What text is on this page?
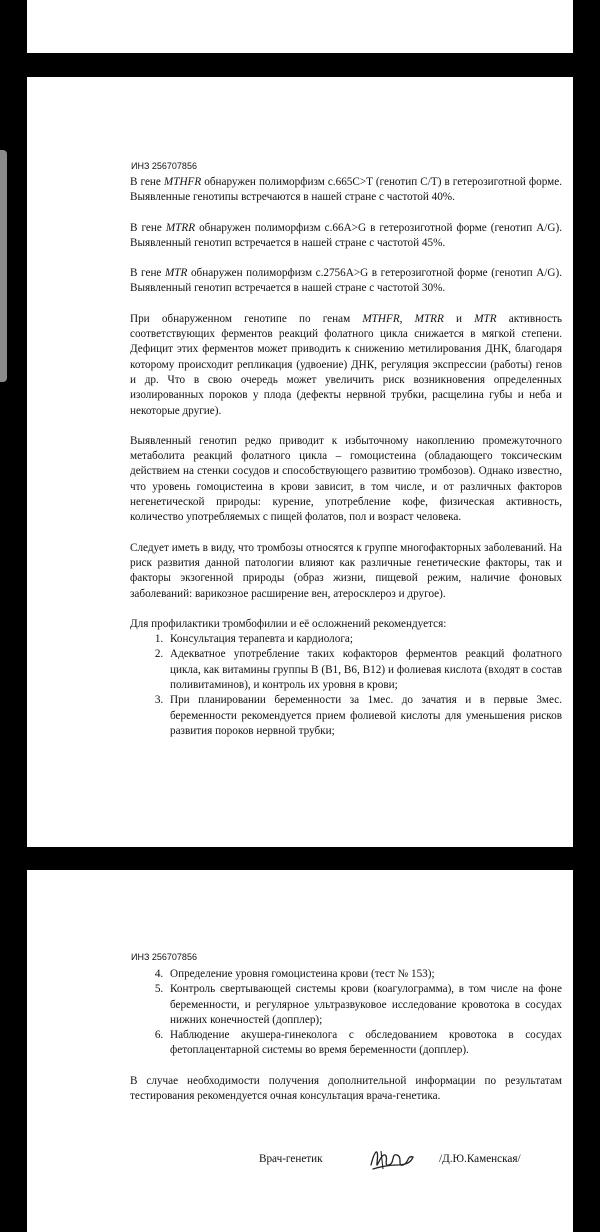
ИНЗ 256707856

В гене MTHFR обнаружен полиморфизм c.665C>T (генотип C/T) в гетерозиготной форме. Выявленные генотипы встречаются в нашей стране с частотой 40%.

В гене MTRR обнаружен полиморфизм c.66A>G в гетерозиготной форме (генотип A/G). Выявленный генотип встречается в нашей стране с частотой 45%.

В гене MTR обнаружен полиморфизм c.2756A>G в гетерозиготной форме (генотип A/G). Выявленный генотип встречается в нашей стране с частотой 30%.

При обнаруженном генотипе по генам MTHFR, MTRR и MTR активность соответствующих ферментов реакций фолатного цикла снижается в мягкой степени. Дефицит этих ферментов может приводить к снижению метилирования ДНК, благодаря которому происходит репликация (удвоение) ДНК, регуляция экспрессии (работы) генов и др. Что в свою очередь может увеличить риск возникновения определенных изолированных пороков у плода (дефекты нервной трубки, расщелина губы и неба и некоторые другие).

Выявленный генотип редко приводит к избыточному накоплению промежуточного метаболита реакций фолатного цикла – гомоцистеина (обладающего токсическим действием на стенки сосудов и способствующего развитию тромбозов). Однако известно, что уровень гомоцистеина в крови зависит, в том числе, и от различных факторов негенетической природы: курение, употребление кофе, физическая активность, количество употребляемых с пищей фолатов, пол и возраст человека.

Следует иметь в виду, что тромбозы относятся к группе многофакторных заболеваний. На риск развития данной патологии влияют как различные генетические факторы, так и факторы экзогенной природы (образ жизни, пищевой режим, наличие фоновых заболеваний: варикозное расширение вен, атеросклероз и другое).

Для профилактики тромбофилии и её осложнений рекомендуется:

1. Консультация терапевта и кардиолога;
2. Адекватное употребление таких кофакторов ферментов реакций фолатного цикла, как витамины группы В (В1, В6, В12) и фолиевая кислота (входят в состав поливитаминов), и контроль их уровня в крови;
3. При планировании беременности за 1мес. до зачатия и в первые 3мес. беременности рекомендуется прием фолиевой кислоты для уменьшения рисков развития пороков нервной трубки;
ИНЗ 256707856
4. Определение уровня гомоцистеина крови (тест № 153);
5. Контроль свертывающей системы крови (коагулограмма), в том числе на фоне беременности, и регулярное ультразвуковое исследование кровотока в сосудах нижних конечностей (допплер);
6. Наблюдение акушера-гинеколога с обследованием кровотока в сосудах фетоплацентарной системы во время беременности (допплер).

В случае необходимости получения дополнительной информации по результатам тестирования рекомендуется очная консультация врача-генетика.

Врач-генетик	/Д.Ю.Каменская/
